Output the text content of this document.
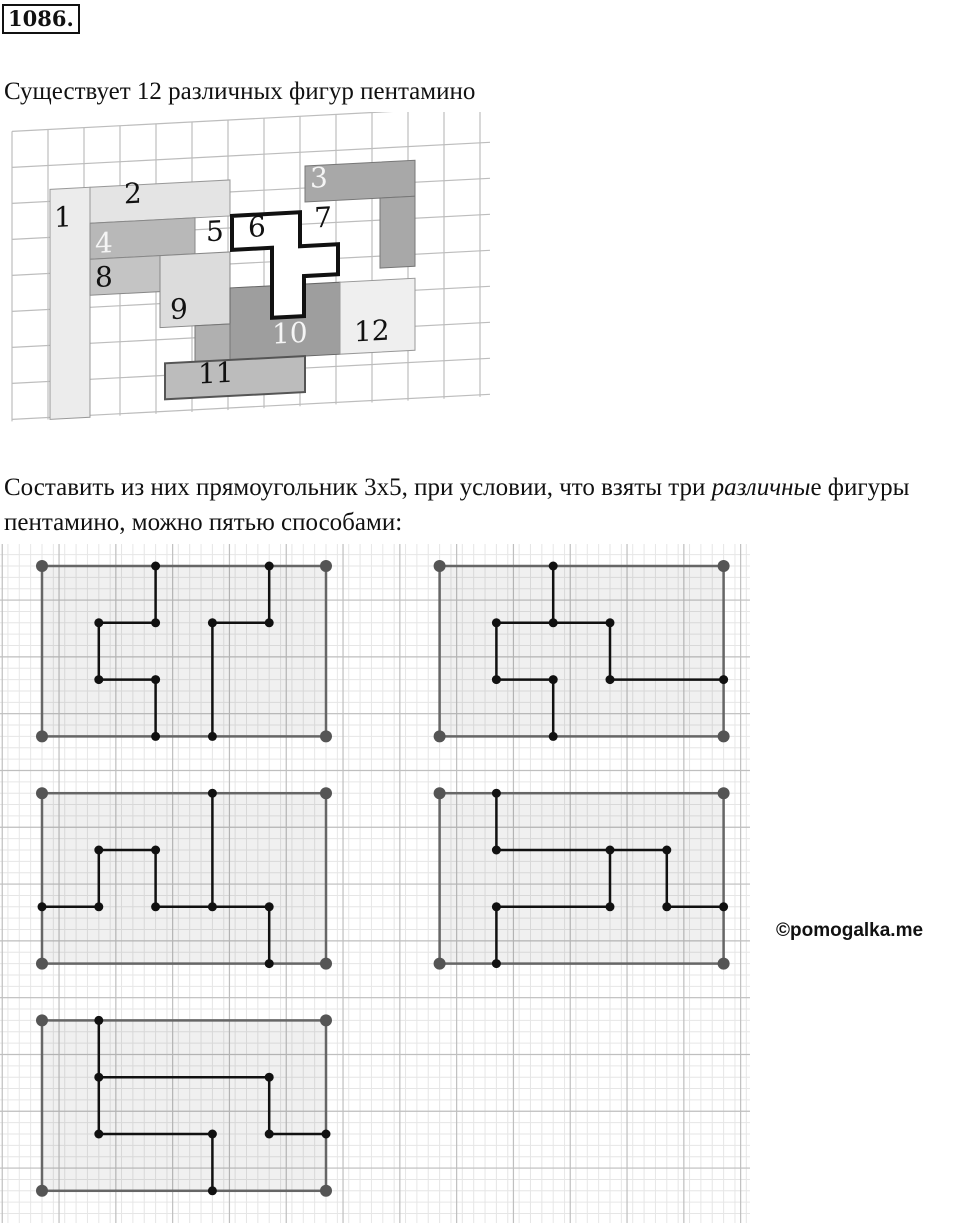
1086.
Существует 12 различных фигур пентамино
1
2	3
4	5 6 7
8
9
10
11
12
Составить из них прямоугольник 3x5, при условии, что взяты три различные фигуры
пентамино, можно пятью способами:
©pomogalka.me
